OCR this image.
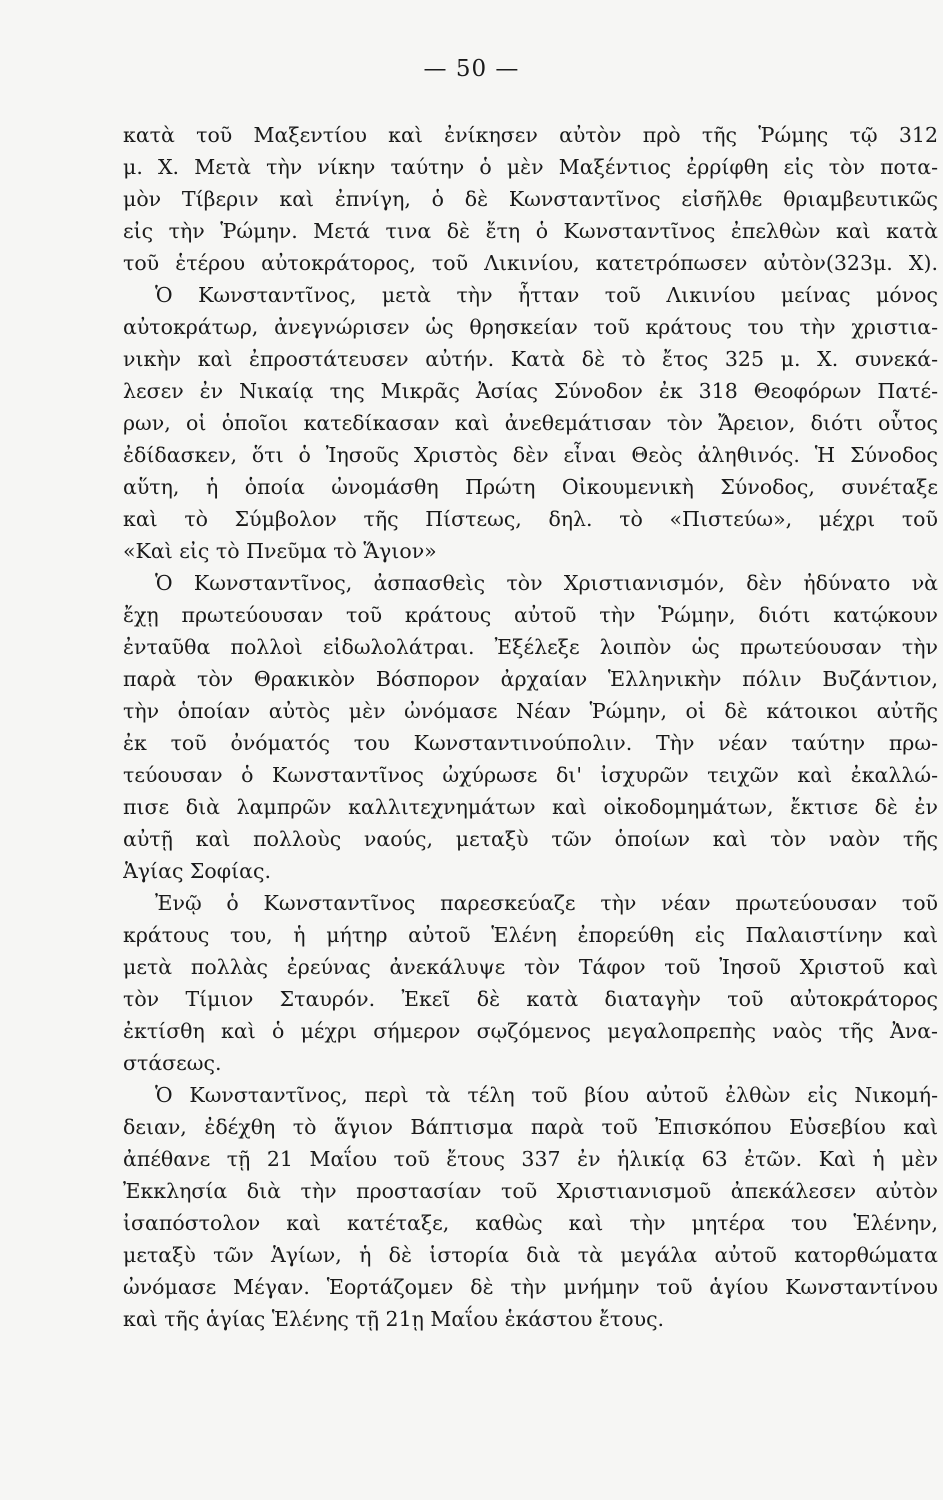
— 50 —
κατὰ τοῦ Μαξεντίου καὶ ἐνίκησεν αὐτὸν πρὸ τῆς Ῥώμης τῷ 312
μ. Χ. Μετὰ τὴν νίκην ταύτην ὁ μὲν Μαξέντιος ἐρρίφθη εἰς τὸν ποτα-
μὸν Τίβεριν καὶ ἐπνίγη, ὁ δὲ Κωνσταντῖνος εἰσῆλθε θριαμβευτικῶς
εἰς τὴν Ῥώμην. Μετά τινα δὲ ἔτη ὁ Κωνσταντῖνος ἐπελθὼν καὶ κατὰ
τοῦ ἑτέρου αὐτοκράτορος, τοῦ Λικινίου, κατετρόπωσεν αὐτὸν(323μ. Χ).
Ὁ Κωνσταντῖνος, μετὰ τὴν ἧτταν τοῦ Λικινίου μείνας μόνος
αὐτοκράτωρ, ἀνεγνώρισεν ὡς θρησκείαν τοῦ κράτους του τὴν χριστια-
νικὴν καὶ ἐπροστάτευσεν αὐτήν. Κατὰ δὲ τὸ ἔτος 325 μ. Χ. συνεκά-
λεσεν ἐν Νικαίᾳ της Μικρᾶς Ἀσίας Σύνοδον ἐκ 318 Θεοφόρων Πατέ-
ρων, οἱ ὁποῖοι κατεδίκασαν καὶ ἀνεθεμάτισαν τὸν Ἄρειον, διότι οὗτος
ἐδίδασκεν, ὅτι ὁ Ἰησοῦς Χριστὸς δὲν εἶναι Θεὸς ἀληθινός. Ἡ Σύνοδος
αὕτη, ἡ ὁποία ὠνομάσθη Πρώτη Οἰκουμενικὴ Σύνοδος, συνέταξε
καὶ τὸ Σύμβολον τῆς Πίστεως, δηλ. τὸ «Πιστεύω», μέχρι τοῦ
«Καὶ εἰς τὸ Πνεῦμα τὸ Ἅγιον»
Ὁ Κωνσταντῖνος, ἀσπασθεὶς τὸν Χριστιανισμόν, δὲν ἠδύνατο νὰ
ἔχῃ πρωτεύουσαν τοῦ κράτους αὐτοῦ τὴν Ῥώμην, διότι κατῴκουν
ἐνταῦθα πολλοὶ εἰδωλολάτραι. Ἐξέλεξε λοιπὸν ὡς πρωτεύουσαν τὴν
παρὰ τὸν Θρακικὸν Βόσπορον ἀρχαίαν Ἑλληνικὴν πόλιν Βυζάντιον,
τὴν ὁποίαν αὐτὸς μὲν ὠνόμασε Νέαν Ῥώμην, οἱ δὲ κάτοικοι αὐτῆς
ἐκ τοῦ ὀνόματός του Κωνσταντινούπολιν. Τὴν νέαν ταύτην πρω-
τεύουσαν ὁ Κωνσταντῖνος ὠχύρωσε δι' ἰσχυρῶν τειχῶν καὶ ἐκαλλώ-
πισε διὰ λαμπρῶν καλλιτεχνημάτων καὶ οἰκοδομημάτων, ἔκτισε δὲ ἐν
αὐτῇ καὶ πολλοὺς ναούς, μεταξὺ τῶν ὁποίων καὶ τὸν ναὸν τῆς
Ἁγίας Σοφίας.
Ἐνῷ ὁ Κωνσταντῖνος παρεσκεύαζε τὴν νέαν πρωτεύουσαν τοῦ
κράτους του, ἡ μήτηρ αὐτοῦ Ἑλένη ἐπορεύθη εἰς Παλαιστίνην καὶ
μετὰ πολλὰς ἐρεύνας ἀνεκάλυψε τὸν Τάφον τοῦ Ἰησοῦ Χριστοῦ καὶ
τὸν Τίμιον Σταυρόν. Ἐκεῖ δὲ κατὰ διαταγὴν τοῦ αὐτοκράτορος
ἐκτίσθη καὶ ὁ μέχρι σήμερον σῳζόμενος μεγαλοπρεπὴς ναὸς τῆς Ἀνα-
στάσεως.
Ὁ Κωνσταντῖνος, περὶ τὰ τέλη τοῦ βίου αὐτοῦ ἐλθὼν εἰς Νικομή-
δειαν, ἐδέχθη τὸ ἅγιον Βάπτισμα παρὰ τοῦ Ἐπισκόπου Εὐσεβίου καὶ
ἀπέθανε τῇ 21 Μαΐου τοῦ ἔτους 337 ἐν ἡλικίᾳ 63 ἐτῶν. Καὶ ἡ μὲν
Ἐκκλησία διὰ τὴν προστασίαν τοῦ Χριστιανισμοῦ ἀπεκάλεσεν αὐτὸν
ἰσαπόστολον καὶ κατέταξε, καθὼς καὶ τὴν μητέρα του Ἑλένην,
μεταξὺ τῶν Ἁγίων, ἡ δὲ ἱστορία διὰ τὰ μεγάλα αὐτοῦ κατορθώματα
ὠνόμασε Μέγαν. Ἑορτάζομεν δὲ τὴν μνήμην τοῦ ἁγίου Κωνσταντίνου
καὶ τῆς ἁγίας Ἑλένης τῇ 21ῃ Μαΐου ἑκάστου ἔτους.
